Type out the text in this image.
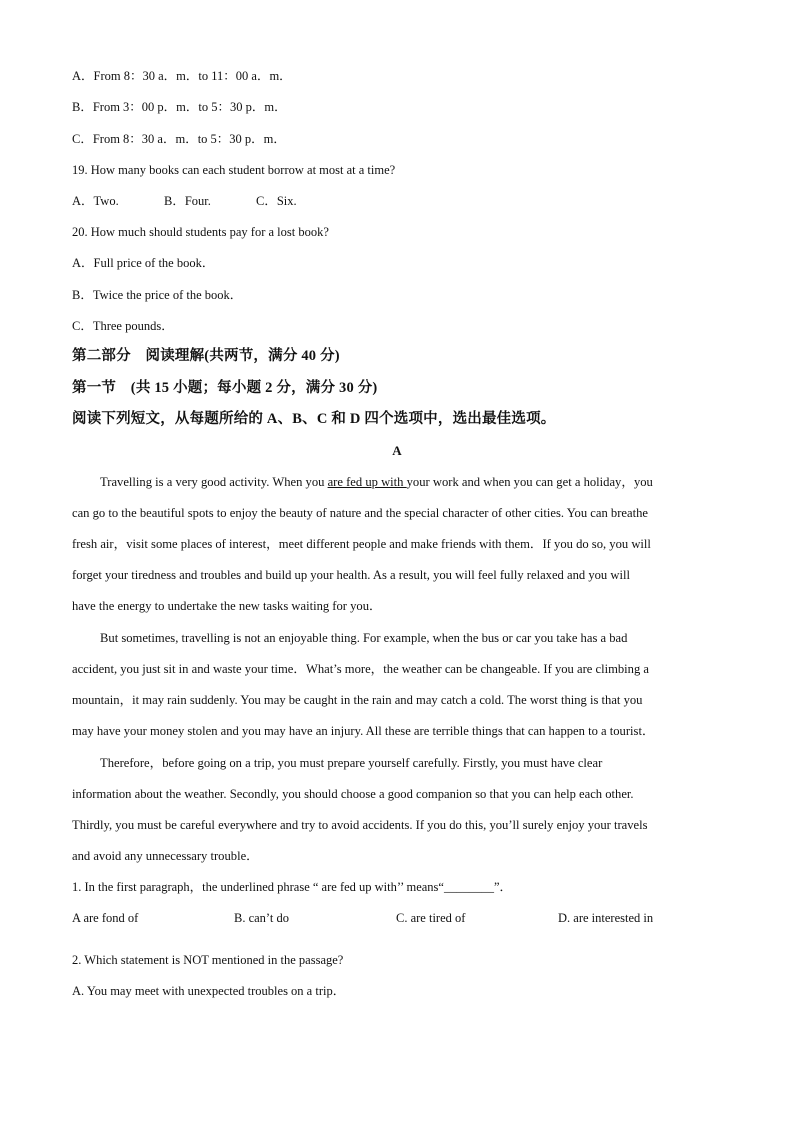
A．From 8：30 a．m．to 11：00 a．m．
B．From 3：00 p．m．to 5：30 p．m．
C．From 8：30 a．m．to 5：30 p．m．
19. How many books can each student borrow at most at a time?
A．Two.	B．Four.	C．Six.
20. How much should students pay for a lost book?
A．Full price of the book．
B．Twice the price of the book．
C．Three pounds．
第二部分　阅读理解(共两节，满分 40 分)
第一节　(共 15 小题；每小题 2 分，满分 30 分)
阅读下列短文，从每题所给的 A、B、C 和 D 四个选项中，选出最佳选项。
A
Travelling is a very good activity. When you are fed up with your work and when you can get a holiday，you
can go to the beautiful spots to enjoy the beauty of nature and the special character of other cities. You can breathe
fresh air，visit some places of interest，meet different people and make friends with them．If you do so, you will
forget your tiredness and troubles and build up your health. As a result, you will feel fully relaxed and you will
have the energy to undertake the new tasks waiting for you．
But sometimes, travelling is not an enjoyable thing. For example, when the bus or car you take has a bad
accident, you just sit in and waste your time．What’s more，the weather can be changeable. If you are climbing a
mountain，it may rain suddenly. You may be caught in the rain and may catch a cold. The worst thing is that you
may have your money stolen and you may have an injury. All these are terrible things that can happen to a tourist．
Therefore，before going on a trip, you must prepare yourself carefully. Firstly, you must have clear
information about the weather. Secondly, you should choose a good companion so that you can help each other.
Thirdly, you must be careful everywhere and try to avoid accidents. If you do this, you’ll surely enjoy your travels
and avoid any unnecessary trouble．
1. In the first paragraph，the underlined phrase “ are fed up with’’ means“________”．
A are fond of	B. can’t do	C. are tired of	D. are interested in
2. Which statement is NOT mentioned in the passage?
A. You may meet with unexpected troubles on a trip．
